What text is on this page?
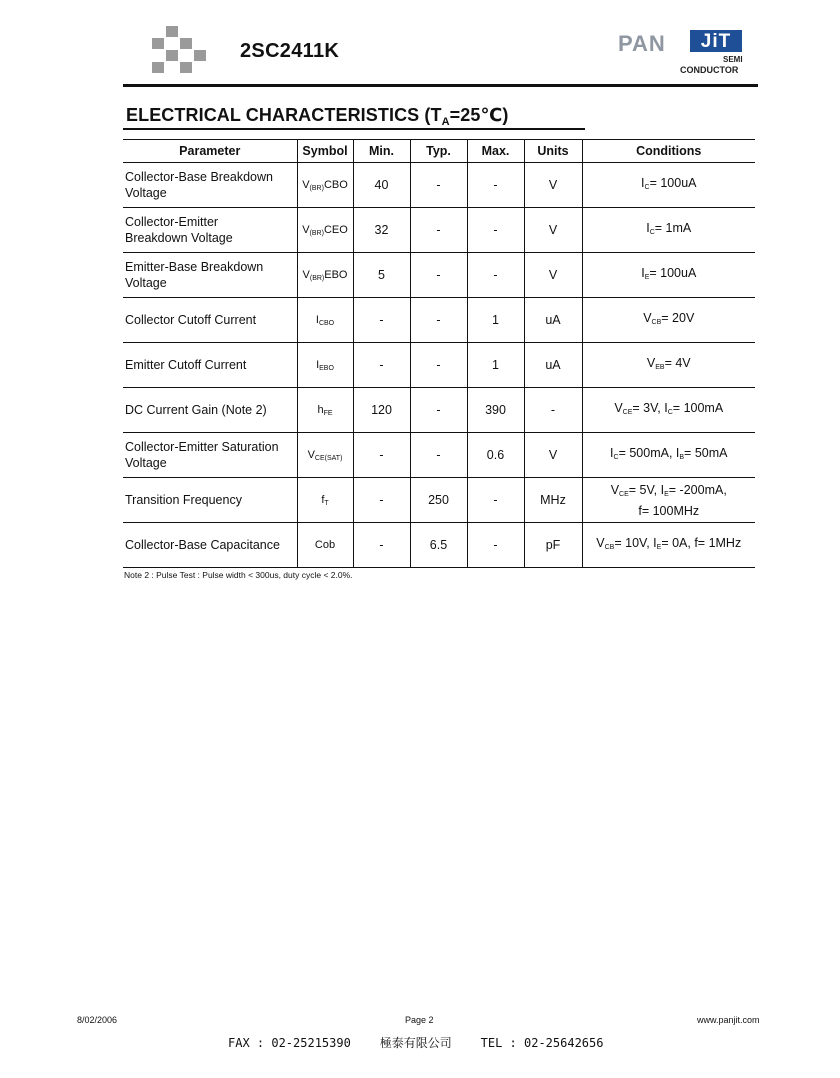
2SC2411K	PAN	JiT
SEMI
CONDUCTOR
ELECTRICAL CHARACTERISTICS $(T_A=25℃)$
Parameter	Symbol	Min.	Typ.	Max.	Units	Conditions
Collector-Base Breakdown
Voltage	$V_{(BR)}CBO$	40	-	-	V	$I_C= 100uA$
Collector-Emitter
Breakdown Voltage	$V_{(BR)}CEO$	32	-	-	V	$I_C= 1mA$
Emitter-Base Breakdown
Voltage	$V_{(BR)}EBO$	5	-	-	V	$I_E= 100uA$
Collector Cutoff Current	$I_{CBO}$	-	-	1	uA	$V_{CB}= 20V$
Emitter Cutoff Current	$I_{EBO}$	-	-	1	uA	$V_{EB}= 4V$
DC Current Gain (Note 2)	$h_{FE}$	120	-	390	-	$V_{CE}= 3V$, $I_C= 100mA$
Collector-Emitter Saturation
Voltage	$V_{CE(SAT)}$	-	-	0.6	V	$I_C= 500mA$, $I_B= 50mA$
Transition Frequency	$f_T$	-	250	-	MHz	$V_{CE}= 5V$, $I_E= -200mA$,
f= 100MHz
Collector-Base Capacitance	Cob	-	6.5	-	pF	$V_{CB}= 10V$, $I_E= 0A$, f= 1MHz
Note 2 : Pulse Test : Pulse width < 300us, duty cycle < 2.0%.
8/02/2006	Page 2	www.panjit.com
FAX : 02-25215390 極泰有限公司 TEL : 02-25642656
